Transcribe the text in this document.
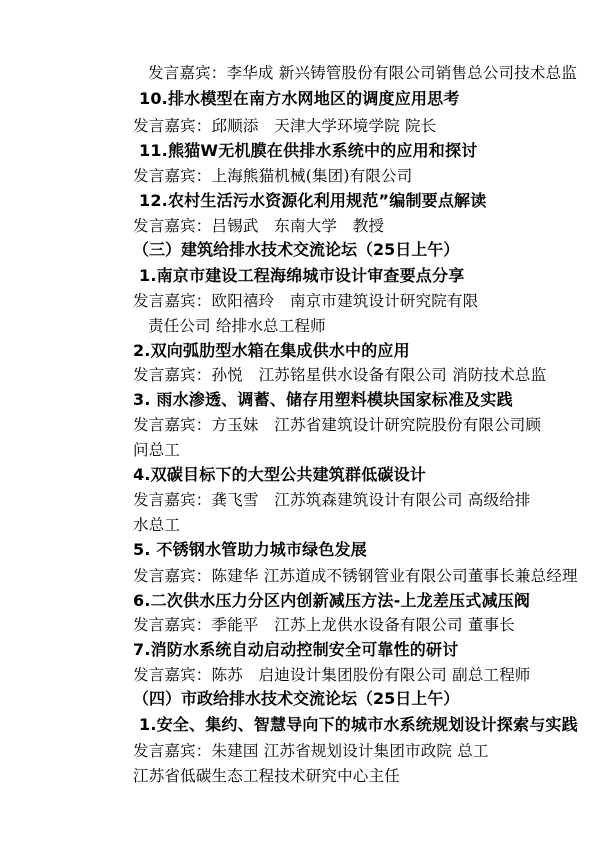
发言嘉宾：李华成 新兴铸管股份有限公司销售总公司技术总监
10.排水模型在南方水网地区的调度应用思考
发言嘉宾：邱顺添　天津大学环境学院 院长
11.熊猫W无机膜在供排水系统中的应用和探讨
发言嘉宾：上海熊猫机械(集团)有限公司
12.农村生活污水资源化利用规范”编制要点解读
发言嘉宾：吕锡武　东南大学　教授
（三）建筑给排水技术交流论坛（25日上午）
1.南京市建设工程海绵城市设计审查要点分享
发言嘉宾：欧阳禧玲　南京市建筑设计研究院有限
责任公司 给排水总工程师
2.双向弧肋型水箱在集成供水中的应用
发言嘉宾：孙悦　江苏铭星供水设备有限公司 消防技术总监
3. 雨水渗透、调蓄、储存用塑料模块国家标准及实践
发言嘉宾：方玉妹　江苏省建筑设计研究院股份有限公司顾
问总工
4.双碳目标下的大型公共建筑群低碳设计
发言嘉宾：龚飞雪　江苏筑森建筑设计有限公司 高级给排
水总工
5. 不锈钢水管助力城市绿色发展
发言嘉宾：陈建华 江苏道成不锈钢管业有限公司董事长兼总经理
6.二次供水压力分区内创新减压方法-上龙差压式减压阀
发言嘉宾：季能平　江苏上龙供水设备有限公司 董事长
7.消防水系统自动启动控制安全可靠性的研讨
发言嘉宾：陈苏　启迪设计集团股份有限公司 副总工程师
（四）市政给排水技术交流论坛（25日上午）
1.安全、集约、智慧导向下的城市水系统规划设计探索与实践
发言嘉宾：朱建国 江苏省规划设计集团市政院 总工
江苏省低碳生态工程技术研究中心主任
